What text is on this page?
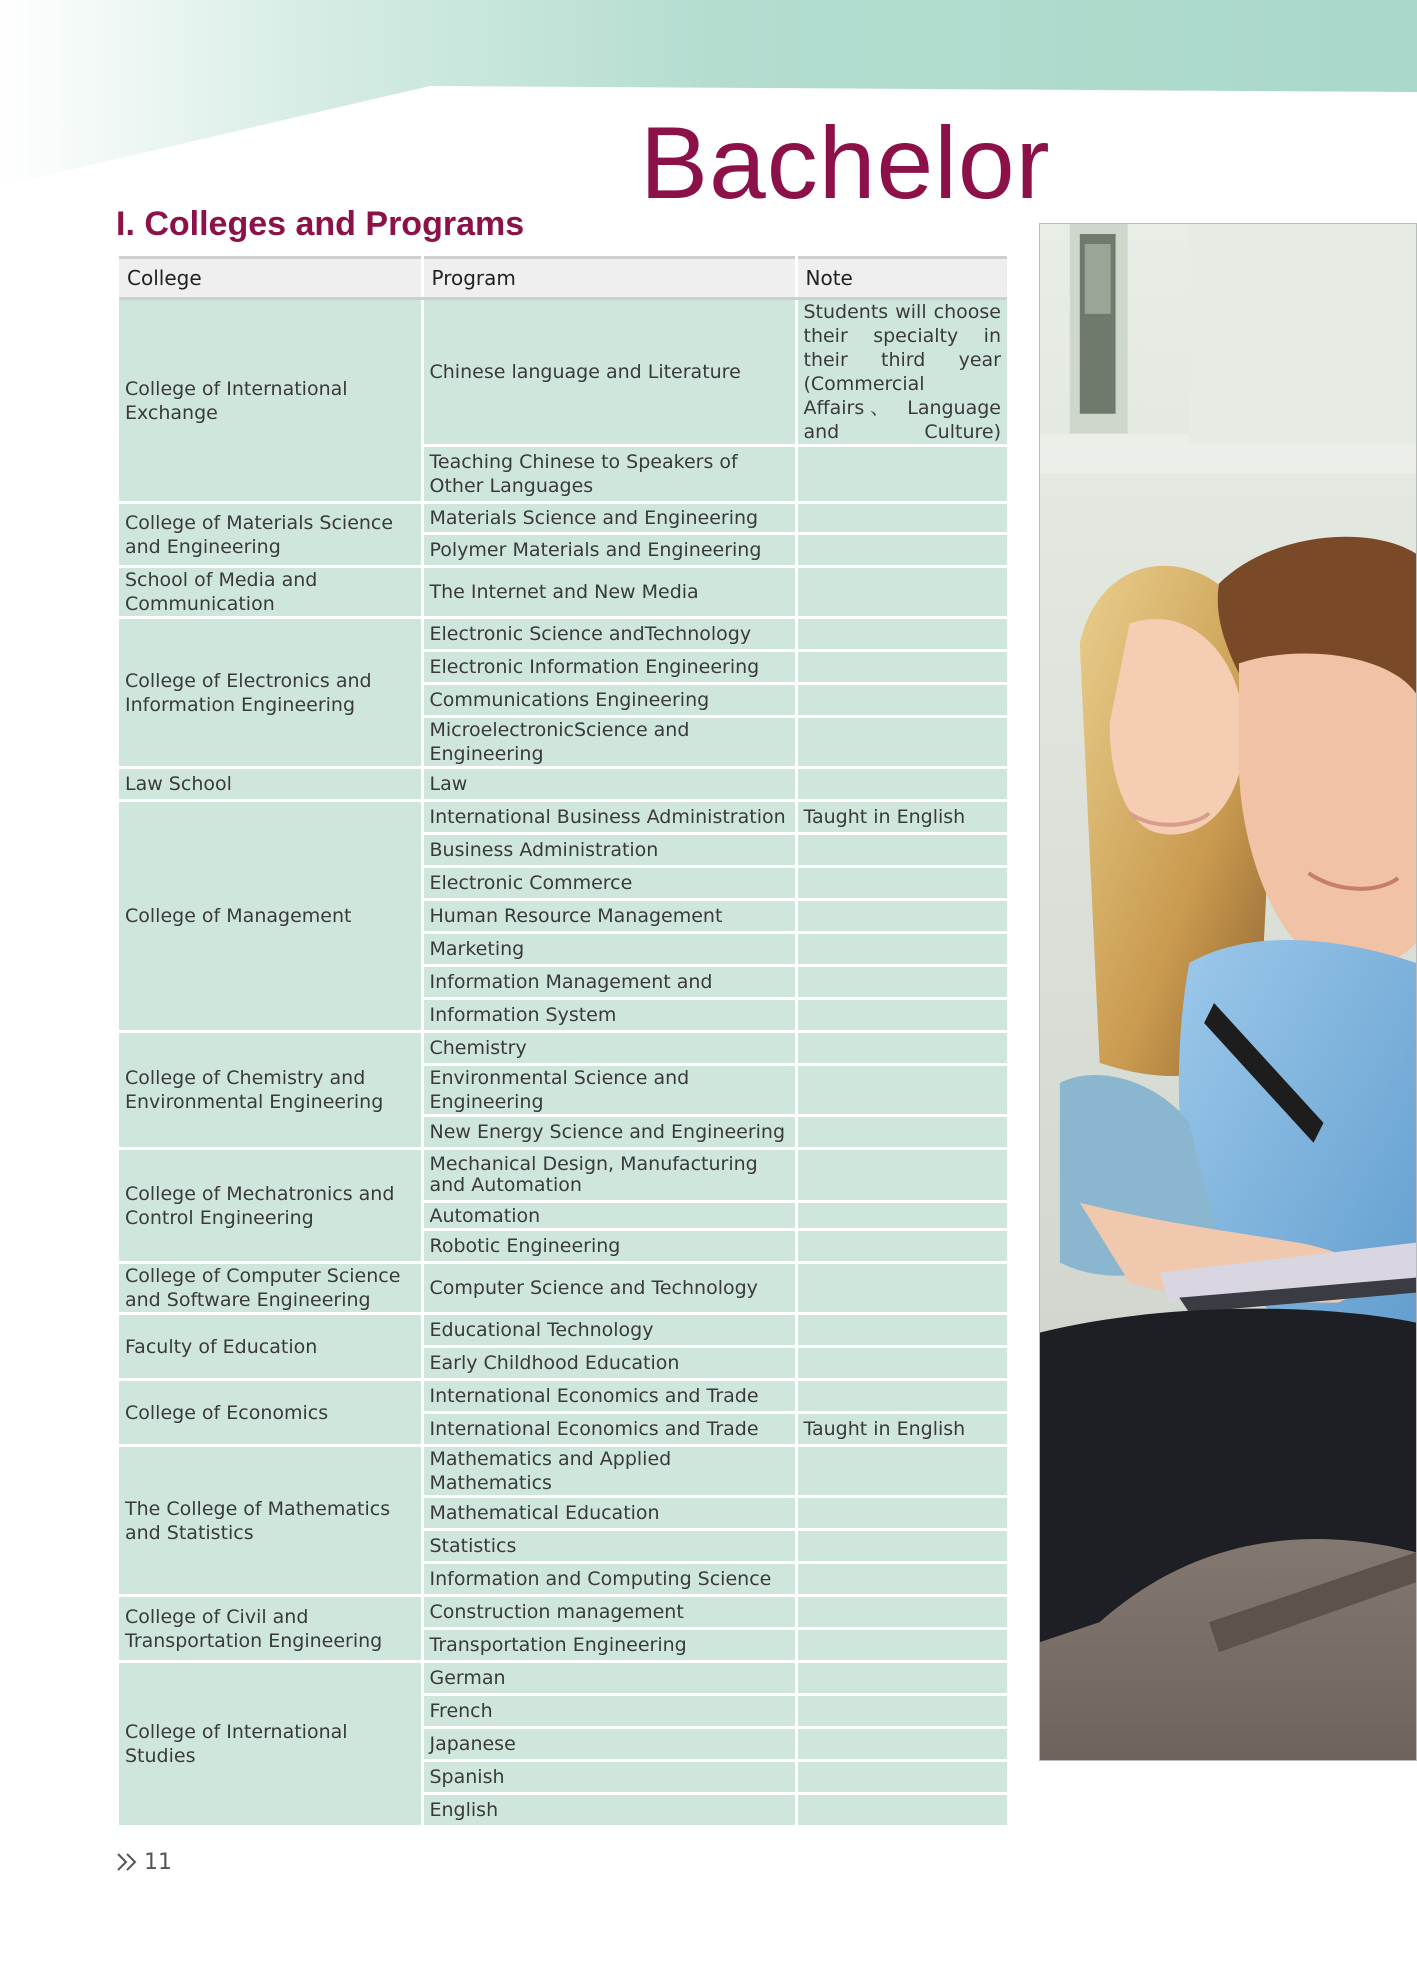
Bachelor
I. Colleges and Programs
College	Program	Note
College of International Exchange	Chinese language and Literature	Students will choose their specialty in their third year (Commercial Affairs、 Language and Culture)
	Teaching Chinese to Speakers of Other Languages	
College of Materials Science and Engineering	Materials Science and Engineering	
	Polymer Materials and Engineering	
School of Media and Communication	The Internet and New Media	
College of Electronics and Information Engineering	Electronic Science andTechnology	
	Electronic Information Engineering	
	Communications Engineering	
	MicroelectronicScience and Engineering	
Law School	Law	
College of Management	International Business Administration	Taught in English
	Business Administration	
	Electronic Commerce	
	Human Resource Management	
	Marketing	
	Information Management and	
	Information System	
College of Chemistry and Environmental Engineering	Chemistry	
	Environmental Science and Engineering	
	New Energy Science and Engineering	
College of Mechatronics and Control Engineering	Mechanical Design, Manufacturing and Automation	
	Automation	
	Robotic Engineering	
College of Computer Science and Software Engineering	Computer Science and Technology	
Faculty of Education	Educational Technology	
	Early Childhood Education	
College of Economics	International Economics and Trade	
	International Economics and Trade	Taught in English
The College of Mathematics and Statistics	Mathematics and Applied Mathematics	
	Mathematical Education	
	Statistics	
	Information and Computing Science	
College of Civil and Transportation Engineering	Construction management	
	Transportation Engineering	
College of International Studies	German	
	French	
	Japanese	
	Spanish	
	English	
11
